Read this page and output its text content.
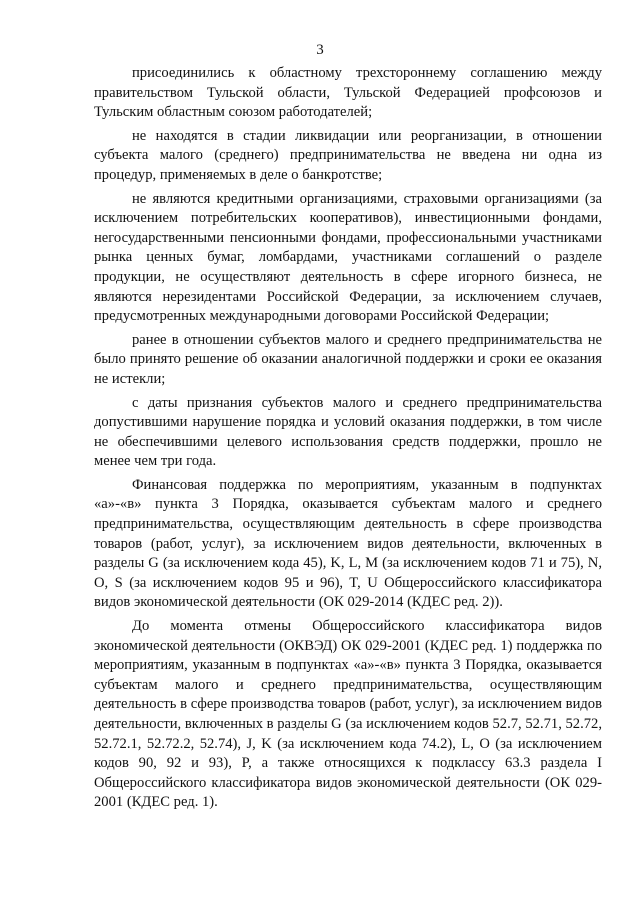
3

присоединились к областному трехстороннему соглашению между правительством Тульской области, Тульской Федерацией профсоюзов и Тульским областным союзом работодателей;

не находятся в стадии ликвидации или реорганизации, в отношении субъекта малого (среднего) предпринимательства не введена ни одна из процедур, применяемых в деле о банкротстве;

не являются кредитными организациями, страховыми организациями (за исключением потребительских кооперативов), инвестиционными фондами, негосударственными пенсионными фондами, профессиональными участниками рынка ценных бумаг, ломбардами, участниками соглашений о разделе продукции, не осуществляют деятельность в сфере игорного бизнеса, не являются нерезидентами Российской Федерации, за исключением случаев, предусмотренных международными договорами Российской Федерации;

ранее в отношении субъектов малого и среднего предпринимательства не было принято решение об оказании аналогичной поддержки и сроки ее оказания не истекли;

с даты признания субъектов малого и среднего предпринимательства допустившими нарушение порядка и условий оказания поддержки, в том числе не обеспечившими целевого использования средств поддержки, прошло не менее чем три года.

Финансовая поддержка по мероприятиям, указанным в подпунктах «а»-«в» пункта 3 Порядка, оказывается субъектам малого и среднего предпринимательства, осуществляющим деятельность в сфере производства товаров (работ, услуг), за исключением видов деятельности, включенных в разделы G (за исключением кода 45), K, L, M (за исключением кодов 71 и 75), N, O, S (за исключением кодов 95 и 96), T, U Общероссийского классификатора видов экономической деятельности (ОК 029-2014 (КДЕС ред. 2)).

До момента отмены Общероссийского классификатора видов экономической деятельности (ОКВЭД) ОК 029-2001 (КДЕС ред. 1) поддержка по мероприятиям, указанным в подпунктах «а»-«в» пункта 3 Порядка, оказывается субъектам малого и среднего предпринимательства, осуществляющим деятельность в сфере производства товаров (работ, услуг), за исключением видов деятельности, включенных в разделы G (за исключением кодов 52.7, 52.71, 52.72, 52.72.1, 52.72.2, 52.74), J, K (за исключением кода 74.2), L, O (за исключением кодов 90, 92 и 93), P, а также относящихся к подклассу 63.3 раздела I Общероссийского классификатора видов экономической деятельности (ОК 029-2001 (КДЕС ред. 1).
